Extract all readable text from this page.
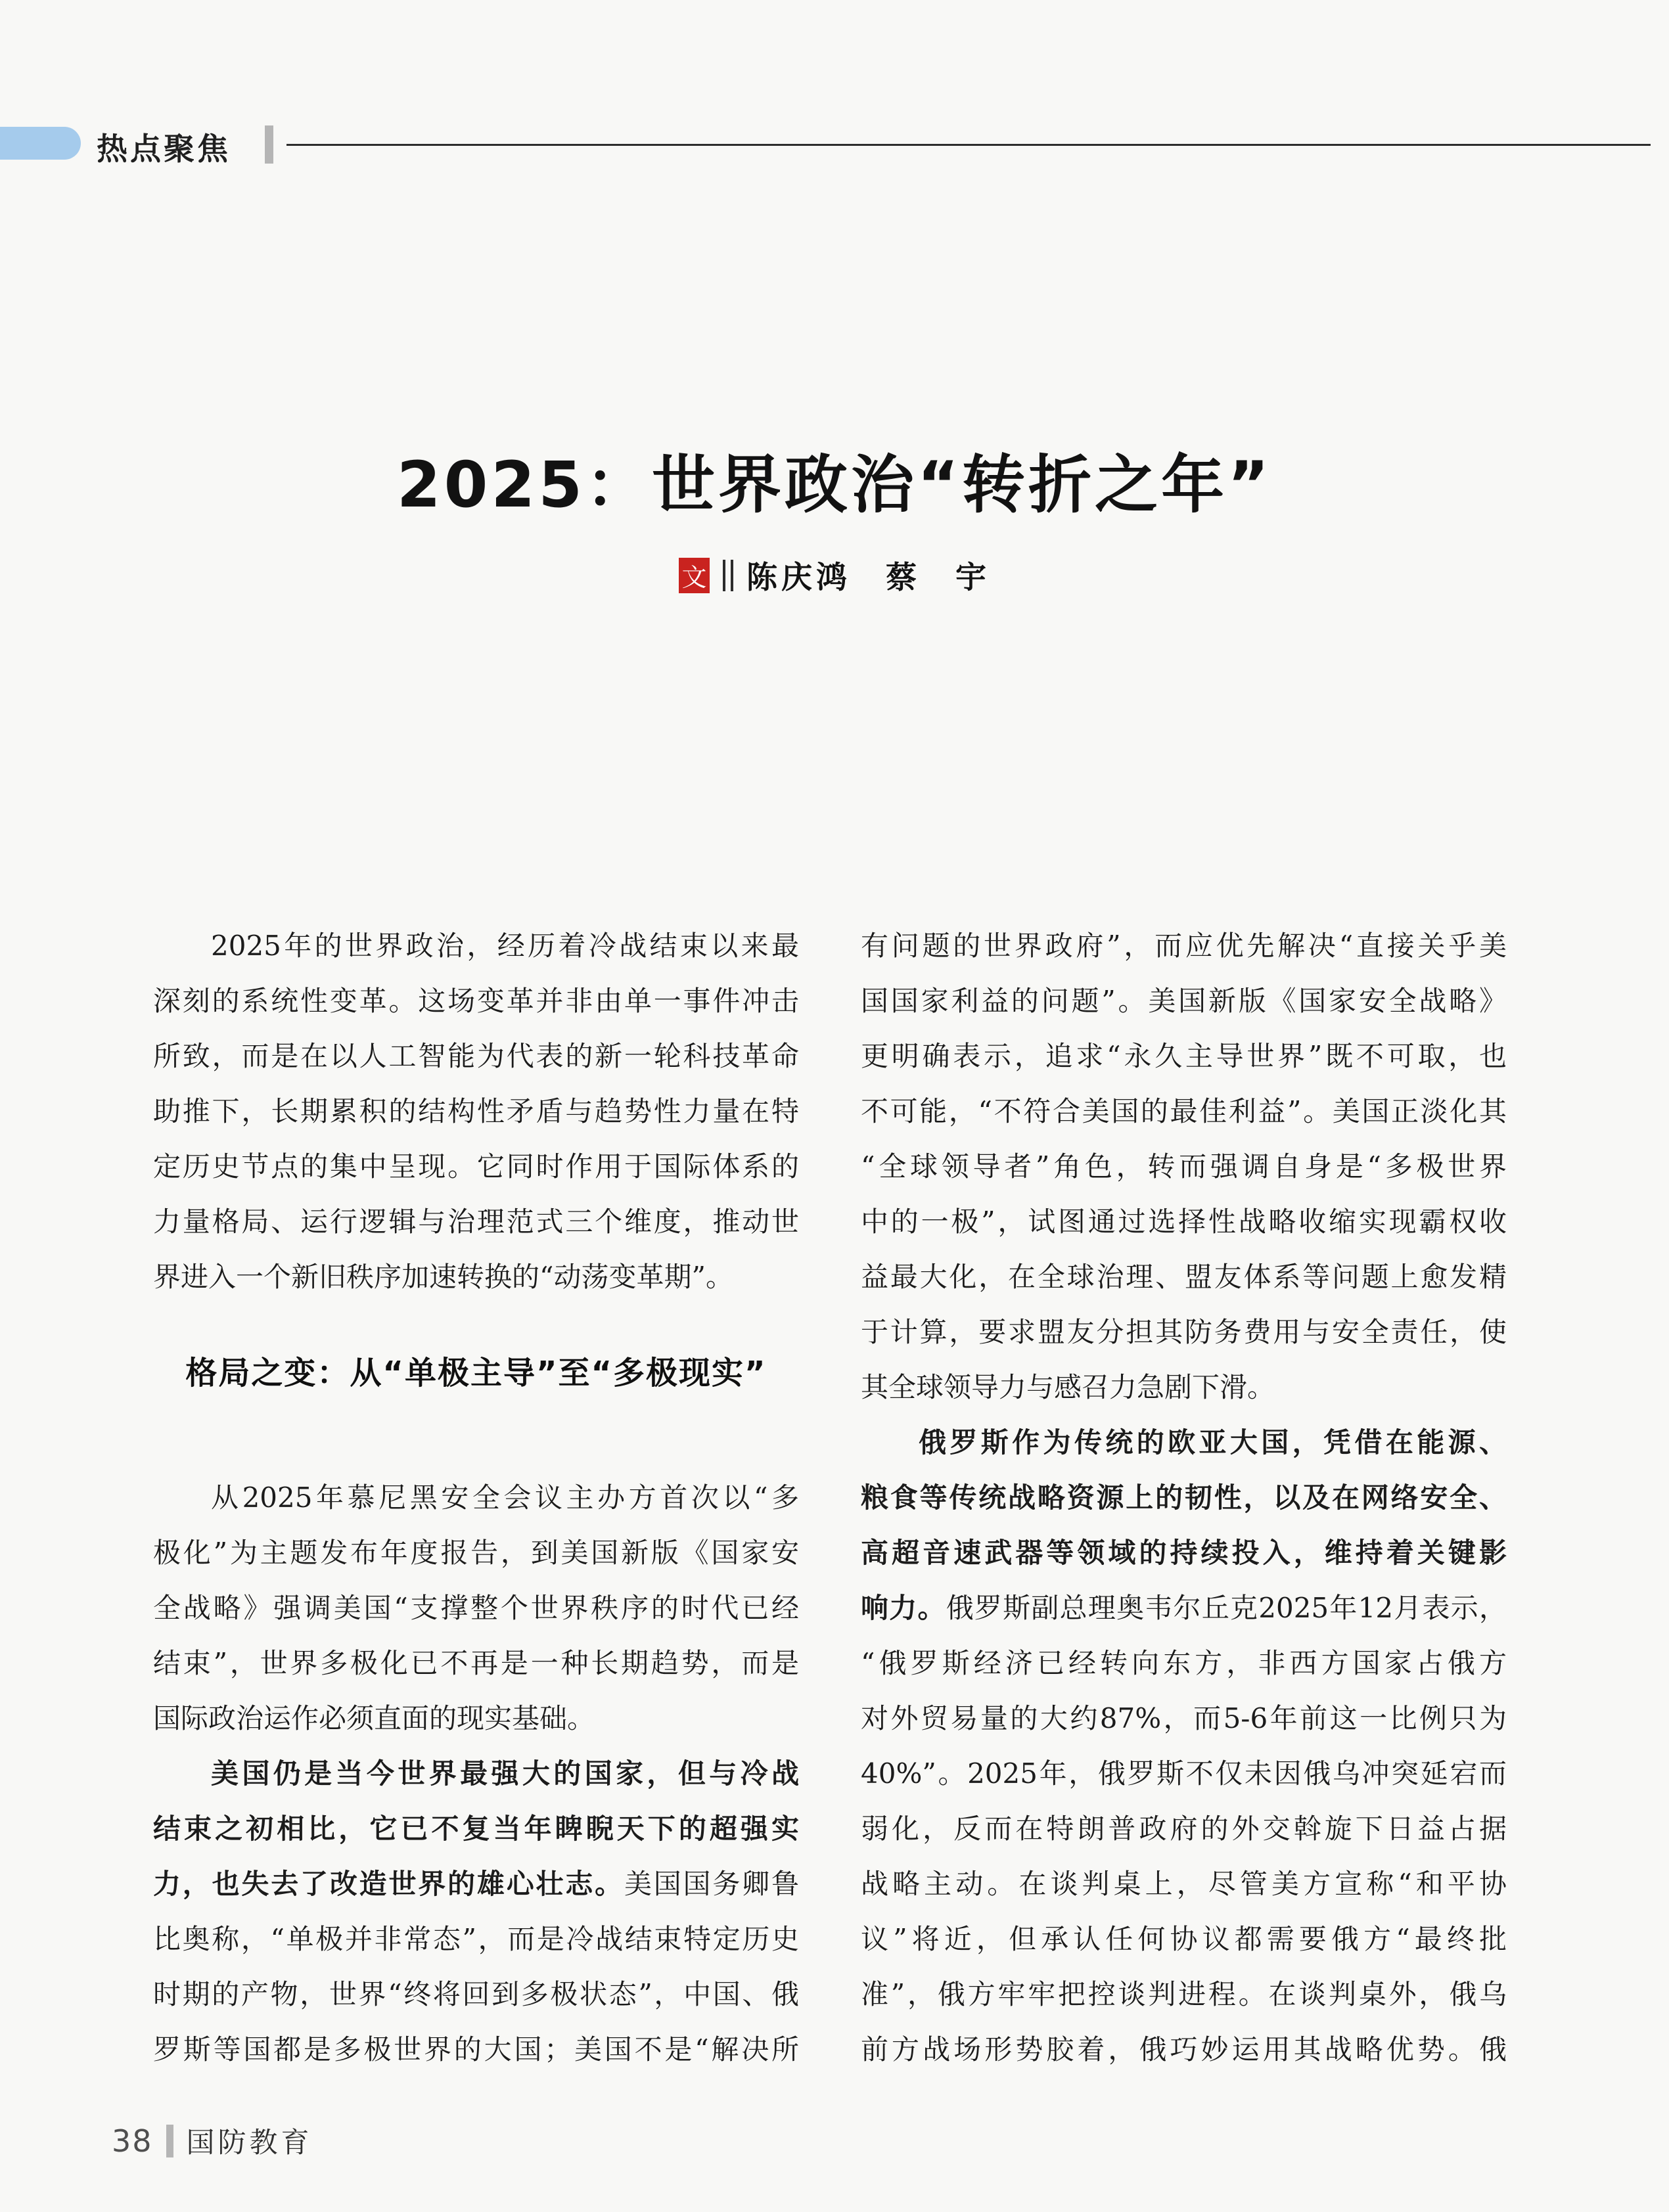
热点聚焦
2025：世界政治“转折之年”
文 陈庆鸿　蔡　宇
2025年的世界政治，经历着冷战结束以来最
深刻的系统性变革。这场变革并非由单一事件冲击
所致，而是在以人工智能为代表的新一轮科技革命
助推下，长期累积的结构性矛盾与趋势性力量在特
定历史节点的集中呈现。它同时作用于国际体系的
力量格局、运行逻辑与治理范式三个维度，推动世
界进入一个新旧秩序加速转换的“动荡变革期”。
格局之变：从“单极主导”至“多极现实”
从2025年慕尼黑安全会议主办方首次以“多
极化”为主题发布年度报告，到美国新版《国家安
全战略》强调美国“支撑整个世界秩序的时代已经
结束”，世界多极化已不再是一种长期趋势，而是
国际政治运作必须直面的现实基础。
美国仍是当今世界最强大的国家，但与冷战
结束之初相比，它已不复当年睥睨天下的超强实
力，也失去了改造世界的雄心壮志。美国国务卿鲁
比奥称，“单极并非常态”，而是冷战结束特定历史
时期的产物，世界“终将回到多极状态”，中国、俄
罗斯等国都是多极世界的大国；美国不是“解决所
有问题的世界政府”，而应优先解决“直接关乎美
国国家利益的问题”。美国新版《国家安全战略》
更明确表示，追求“永久主导世界”既不可取，也
不可能，“不符合美国的最佳利益”。美国正淡化其
“全球领导者”角色，转而强调自身是“多极世界
中的一极”，试图通过选择性战略收缩实现霸权收
益最大化，在全球治理、盟友体系等问题上愈发精
于计算，要求盟友分担其防务费用与安全责任，使
其全球领导力与感召力急剧下滑。
俄罗斯作为传统的欧亚大国，凭借在能源、
粮食等传统战略资源上的韧性，以及在网络安全、
高超音速武器等领域的持续投入，维持着关键影
响力。俄罗斯副总理奥韦尔丘克2025年12月表示，
“俄罗斯经济已经转向东方，非西方国家占俄方
对外贸易量的大约87%，而5-6年前这一比例只为
40%”。2025年，俄罗斯不仅未因俄乌冲突延宕而
弱化，反而在特朗普政府的外交斡旋下日益占据
战略主动。在谈判桌上，尽管美方宣称“和平协
议”将近，但承认任何协议都需要俄方“最终批
准”，俄方牢牢把控谈判进程。在谈判桌外，俄乌
前方战场形势胶着，俄巧妙运用其战略优势。俄
38 国防教育
